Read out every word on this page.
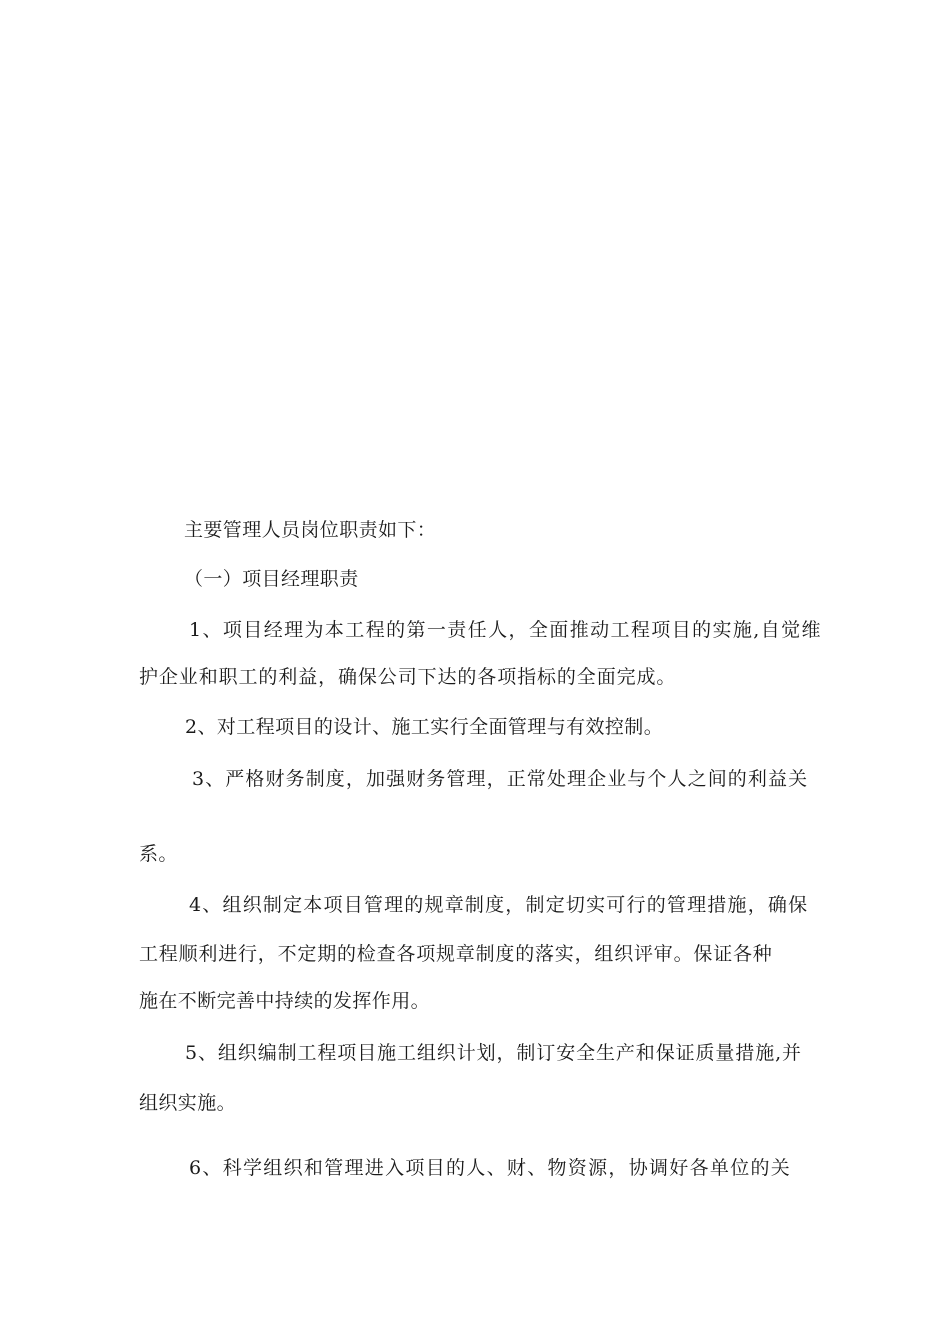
主要管理人员岗位职责如下：
（一）项目经理职责
1、项目经理为本工程的第一责任人，全面推动工程项目的实施,自觉维
护企业和职工的利益，确保公司下达的各项指标的全面完成。
2、对工程项目的设计、施工实行全面管理与有效控制。
3、严格财务制度，加强财务管理，正常处理企业与个人之间的利益关
系。
4、组织制定本项目管理的规章制度，制定切实可行的管理措施，确保
工程顺利进行，不定期的检查各项规章制度的落实，组织评审。保证各种
施在不断完善中持续的发挥作用。
5、组织编制工程项目施工组织计划，制订安全生产和保证质量措施,并
组织实施。
6、科学组织和管理进入项目的人、财、物资源，协调好各单位的关
